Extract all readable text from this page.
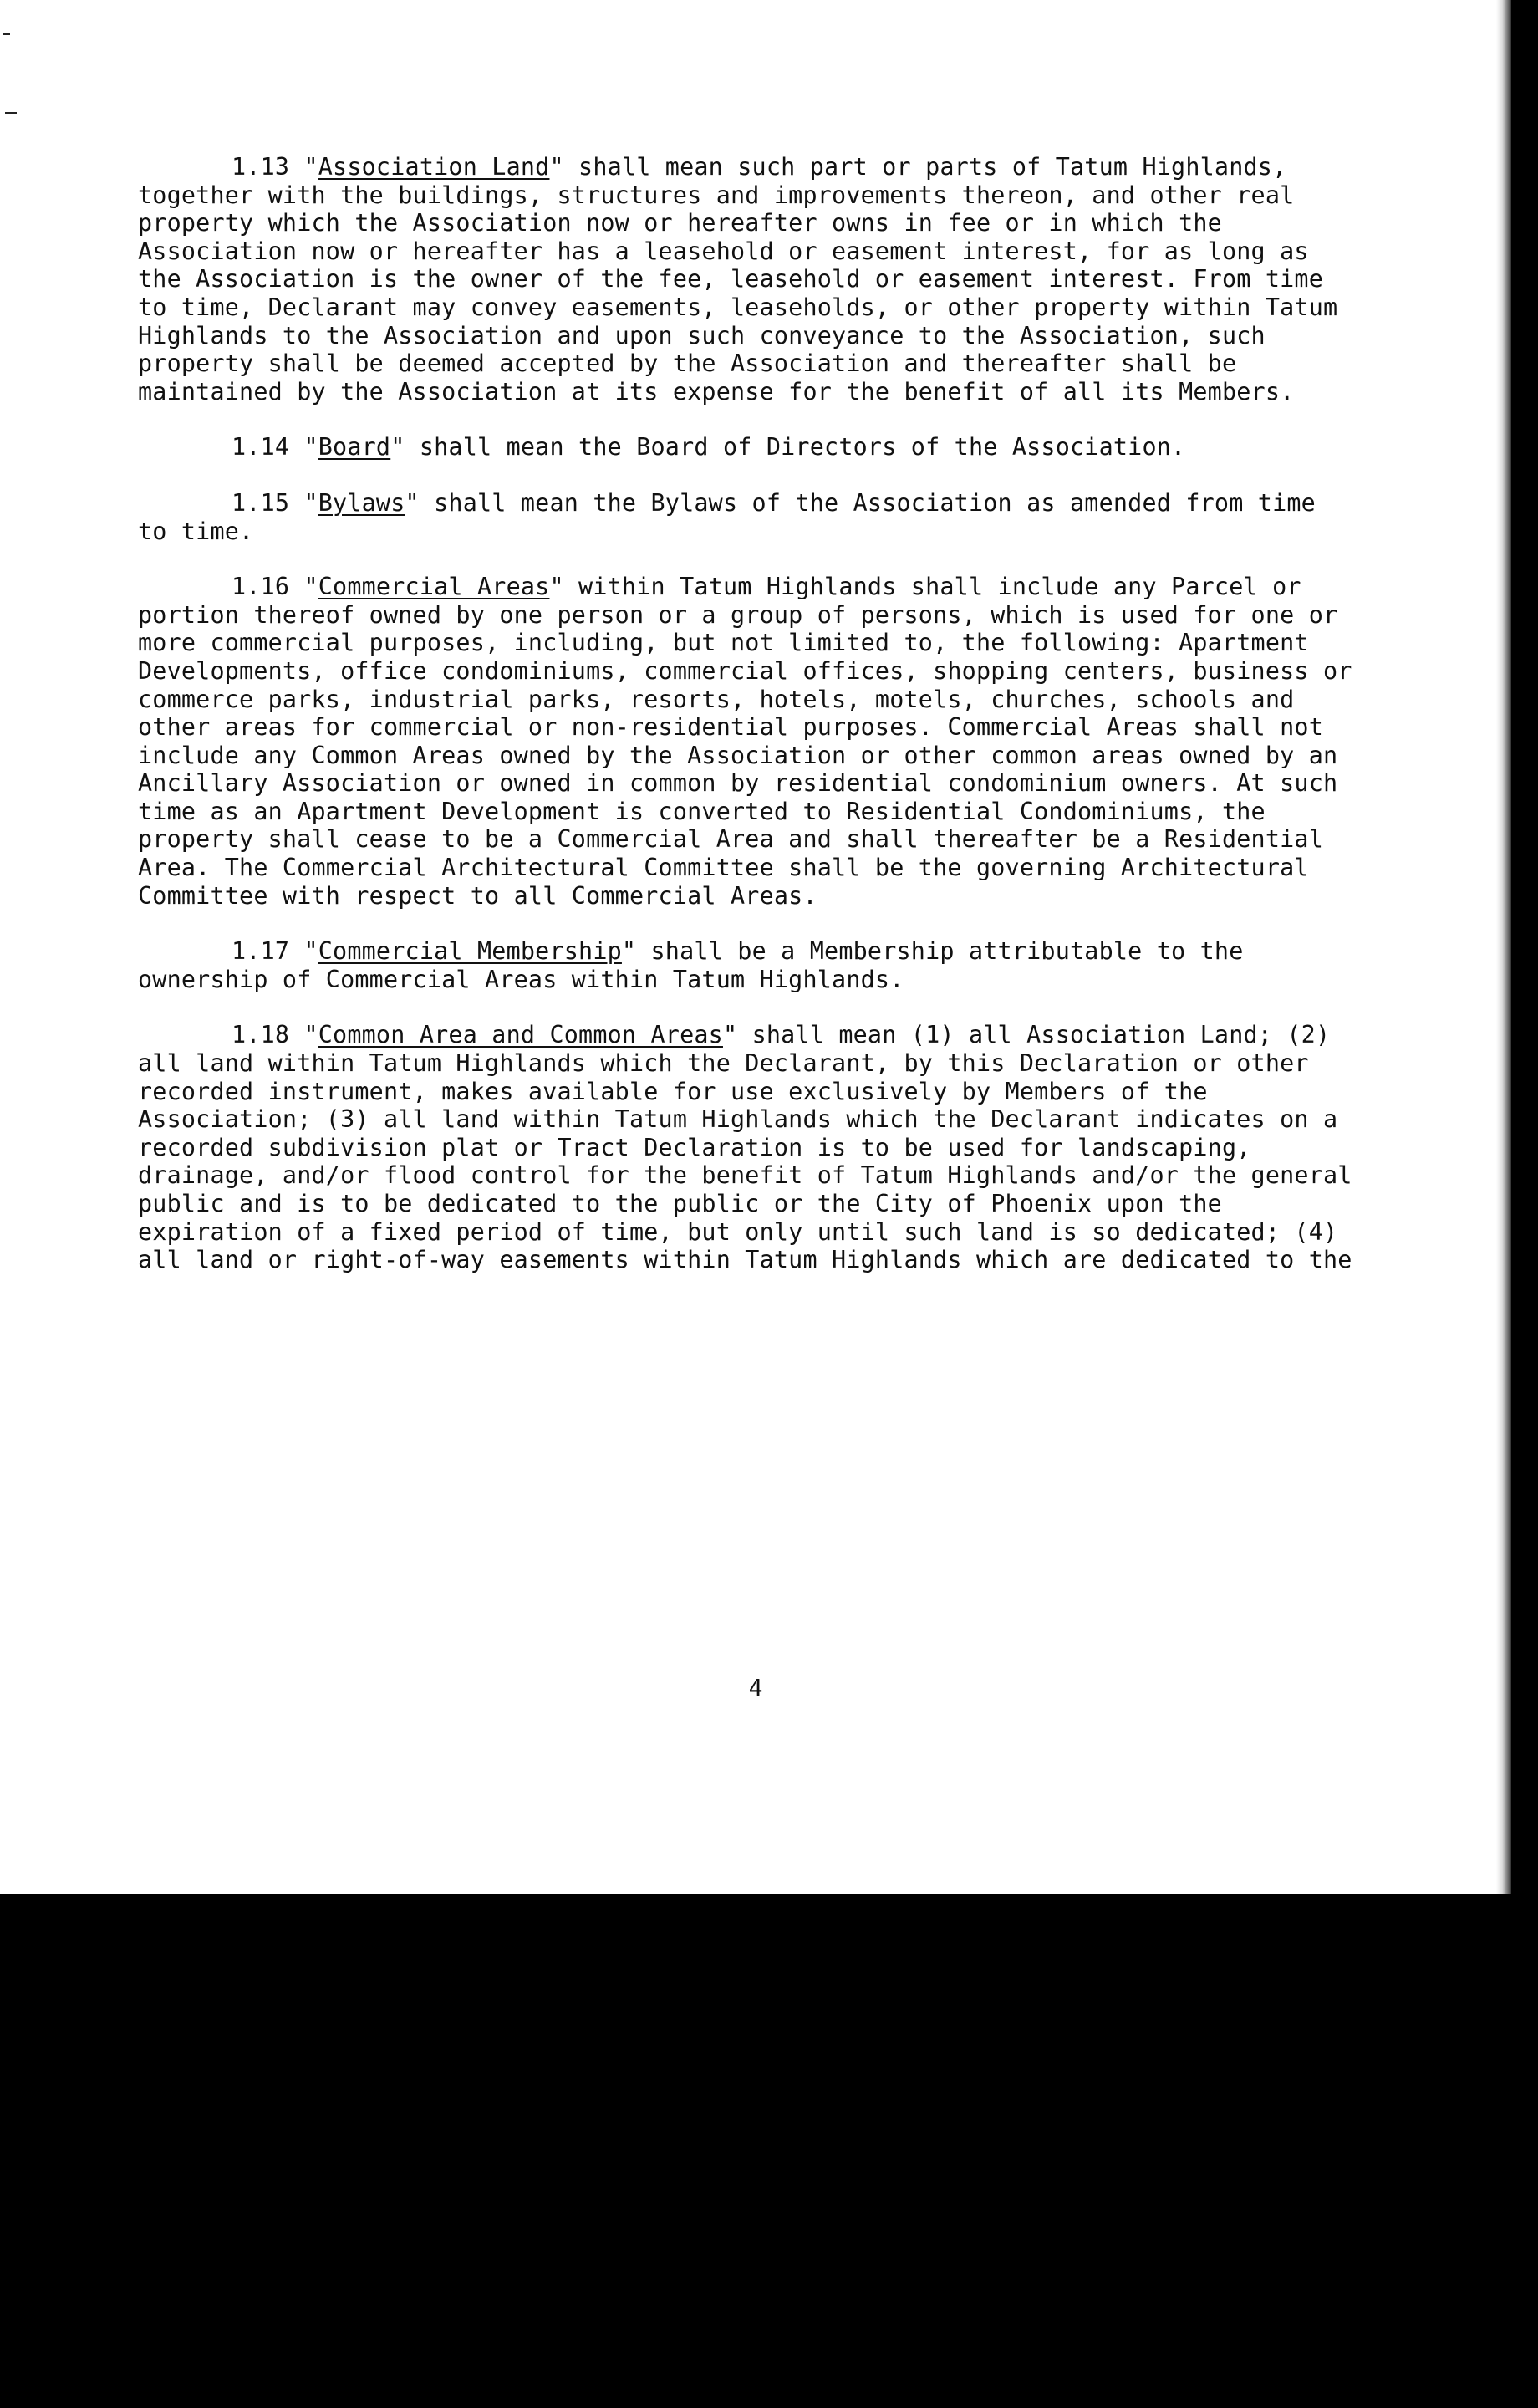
1.13 "Association Land" shall mean such part or parts of Tatum Highlands, together with the buildings, structures and improvements thereon, and other real property which the Association now or hereafter owns in fee or in which the Association now or hereafter has a leasehold or easement interest, for as long as the Association is the owner of the fee, leasehold or easement interest. From time to time, Declarant may convey easements, leaseholds, or other property within Tatum Highlands to the Association and upon such conveyance to the Association, such property shall be deemed accepted by the Association and thereafter shall be maintained by the Association at its expense for the benefit of all its Members.

1.14 "Board" shall mean the Board of Directors of the Association.

1.15 "Bylaws" shall mean the Bylaws of the Association as amended from time to time.

1.16 "Commercial Areas" within Tatum Highlands shall include any Parcel or portion thereof owned by one person or a group of persons, which is used for one or more commercial purposes, including, but not limited to, the following: Apartment Developments, office condominiums, commercial offices, shopping centers, business or commerce parks, industrial parks, resorts, hotels, motels, churches, schools and other areas for commercial or non-residential purposes. Commercial Areas shall not include any Common Areas owned by the Association or other common areas owned by an Ancillary Association or owned in common by residential condominium owners. At such time as an Apartment Development is converted to Residential Condominiums, the property shall cease to be a Commercial Area and shall thereafter be a Residential Area. The Commercial Architectural Committee shall be the governing Architectural Committee with respect to all Commercial Areas.

1.17 "Commercial Membership" shall be a Membership attributable to the ownership of Commercial Areas within Tatum Highlands.

1.18 "Common Area and Common Areas" shall mean (1) all Association Land; (2) all land within Tatum Highlands which the Declarant, by this Declaration or other recorded instrument, makes available for use exclusively by Members of the Association; (3) all land within Tatum Highlands which the Declarant indicates on a recorded subdivision plat or Tract Declaration is to be used for landscaping, drainage, and/or flood control for the benefit of Tatum Highlands and/or the general public and is to be dedicated to the public or the City of Phoenix upon the expiration of a fixed period of time, but only until such land is so dedicated; (4) all land or right-of-way easements within Tatum Highlands which are dedicated to the

4
